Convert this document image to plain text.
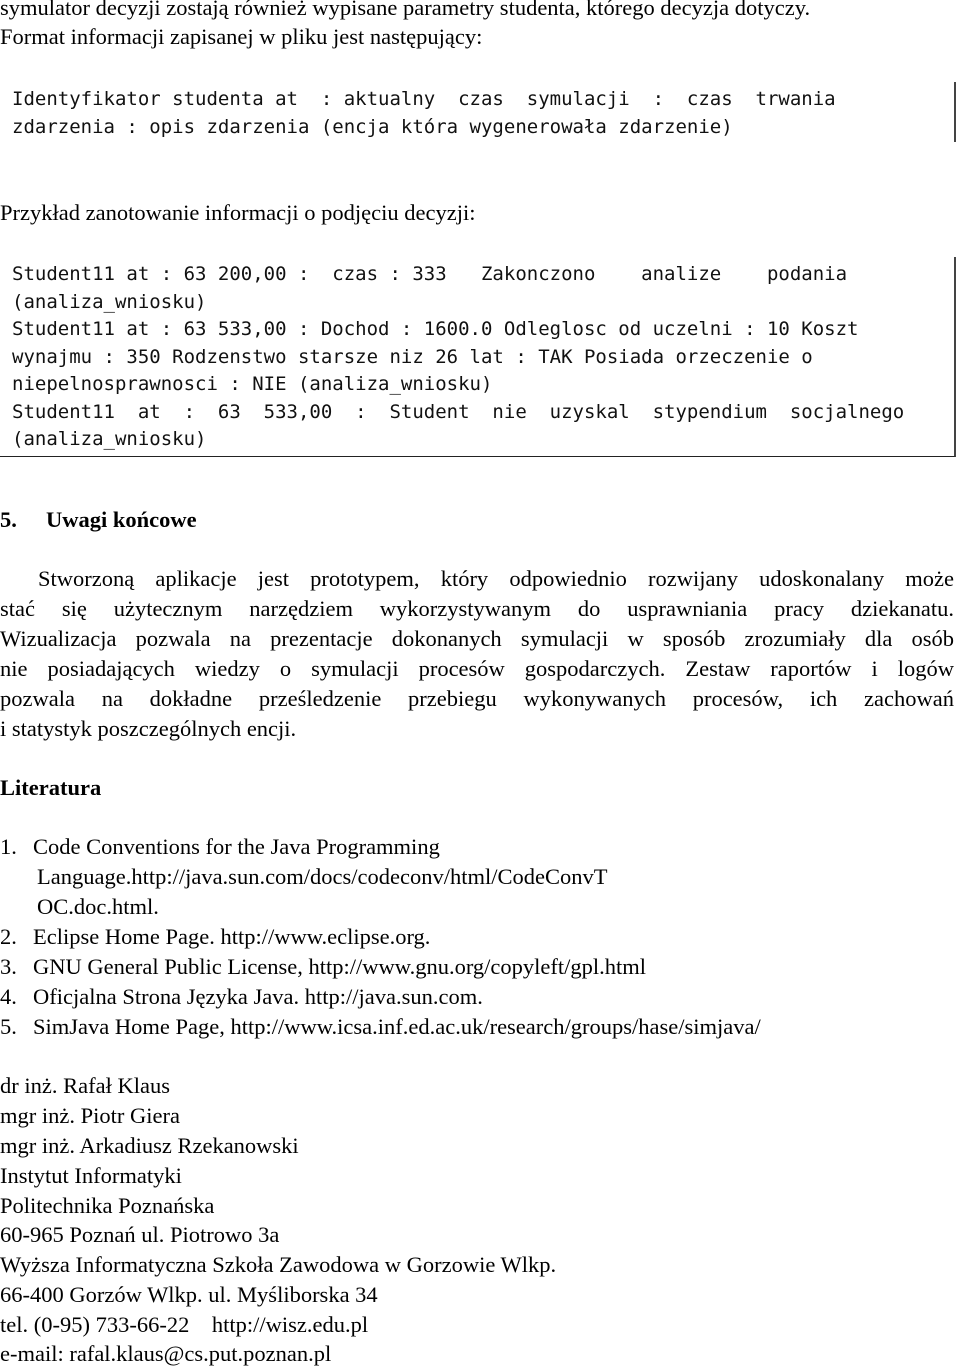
symulator decyzji zostają również wypisane parametry studenta, którego decyzja dotyczy.
Format informacji zapisanej w pliku jest następujący:
Identyfikator studenta at  : aktualny  czas  symulacji  :  czas  trwania
zdarzenia : opis zdarzenia (encja która wygenerowała zdarzenie)
Przykład zanotowanie informacji o podjęciu decyzji:
Student11 at : 63 200,00 :  czas : 333   Zakonczono    analize    podania
(analiza_wniosku)
Student11 at : 63 533,00 : Dochod : 1600.0 Odleglosc od uczelni : 10 Koszt
wynajmu : 350 Rodzenstwo starsze niz 26 lat : TAK Posiada orzeczenie o
niepelnosprawnosci : NIE (analiza_wniosku)
Student11  at  :  63  533,00  :  Student  nie  uzyskal  stypendium  socjalnego
(analiza_wniosku)
5. Uwagi końcowe
Stworzoną aplikacje jest prototypem, który odpowiednio rozwijany udoskonalany może
stać się użytecznym narzędziem wykorzystywanym do usprawniania pracy dziekanatu.
Wizualizacja pozwala na prezentacje dokonanych symulacji w sposób zrozumiały dla osób
nie posiadających wiedzy o symulacji procesów gospodarczych. Zestaw raportów i logów
pozwala na dokładne prześledzenie przebiegu wykonywanych procesów, ich zachowań
i statystyk poszczególnych encji.
Literatura
1. Code Conventions for the Java Programming
Language.http://java.sun.com/docs/codeconv/html/CodeConvT
OC.doc.html.
2. Eclipse Home Page. http://www.eclipse.org.
3. GNU General Public License, http://www.gnu.org/copyleft/gpl.html
4. Oficjalna Strona Języka Java. http://java.sun.com.
5. SimJava Home Page, http://www.icsa.inf.ed.ac.uk/research/groups/hase/simjava/
dr inż. Rafał Klaus
mgr inż. Piotr Giera
mgr inż. Arkadiusz Rzekanowski
Instytut Informatyki
Politechnika Poznańska
60-965 Poznań ul. Piotrowo 3a
Wyższa Informatyczna Szkoła Zawodowa w Gorzowie Wlkp.
66-400 Gorzów Wlkp. ul. Myśliborska 34
tel. (0-95) 733-66-22    http://wisz.edu.pl
e-mail: rafal.klaus@cs.put.poznan.pl
